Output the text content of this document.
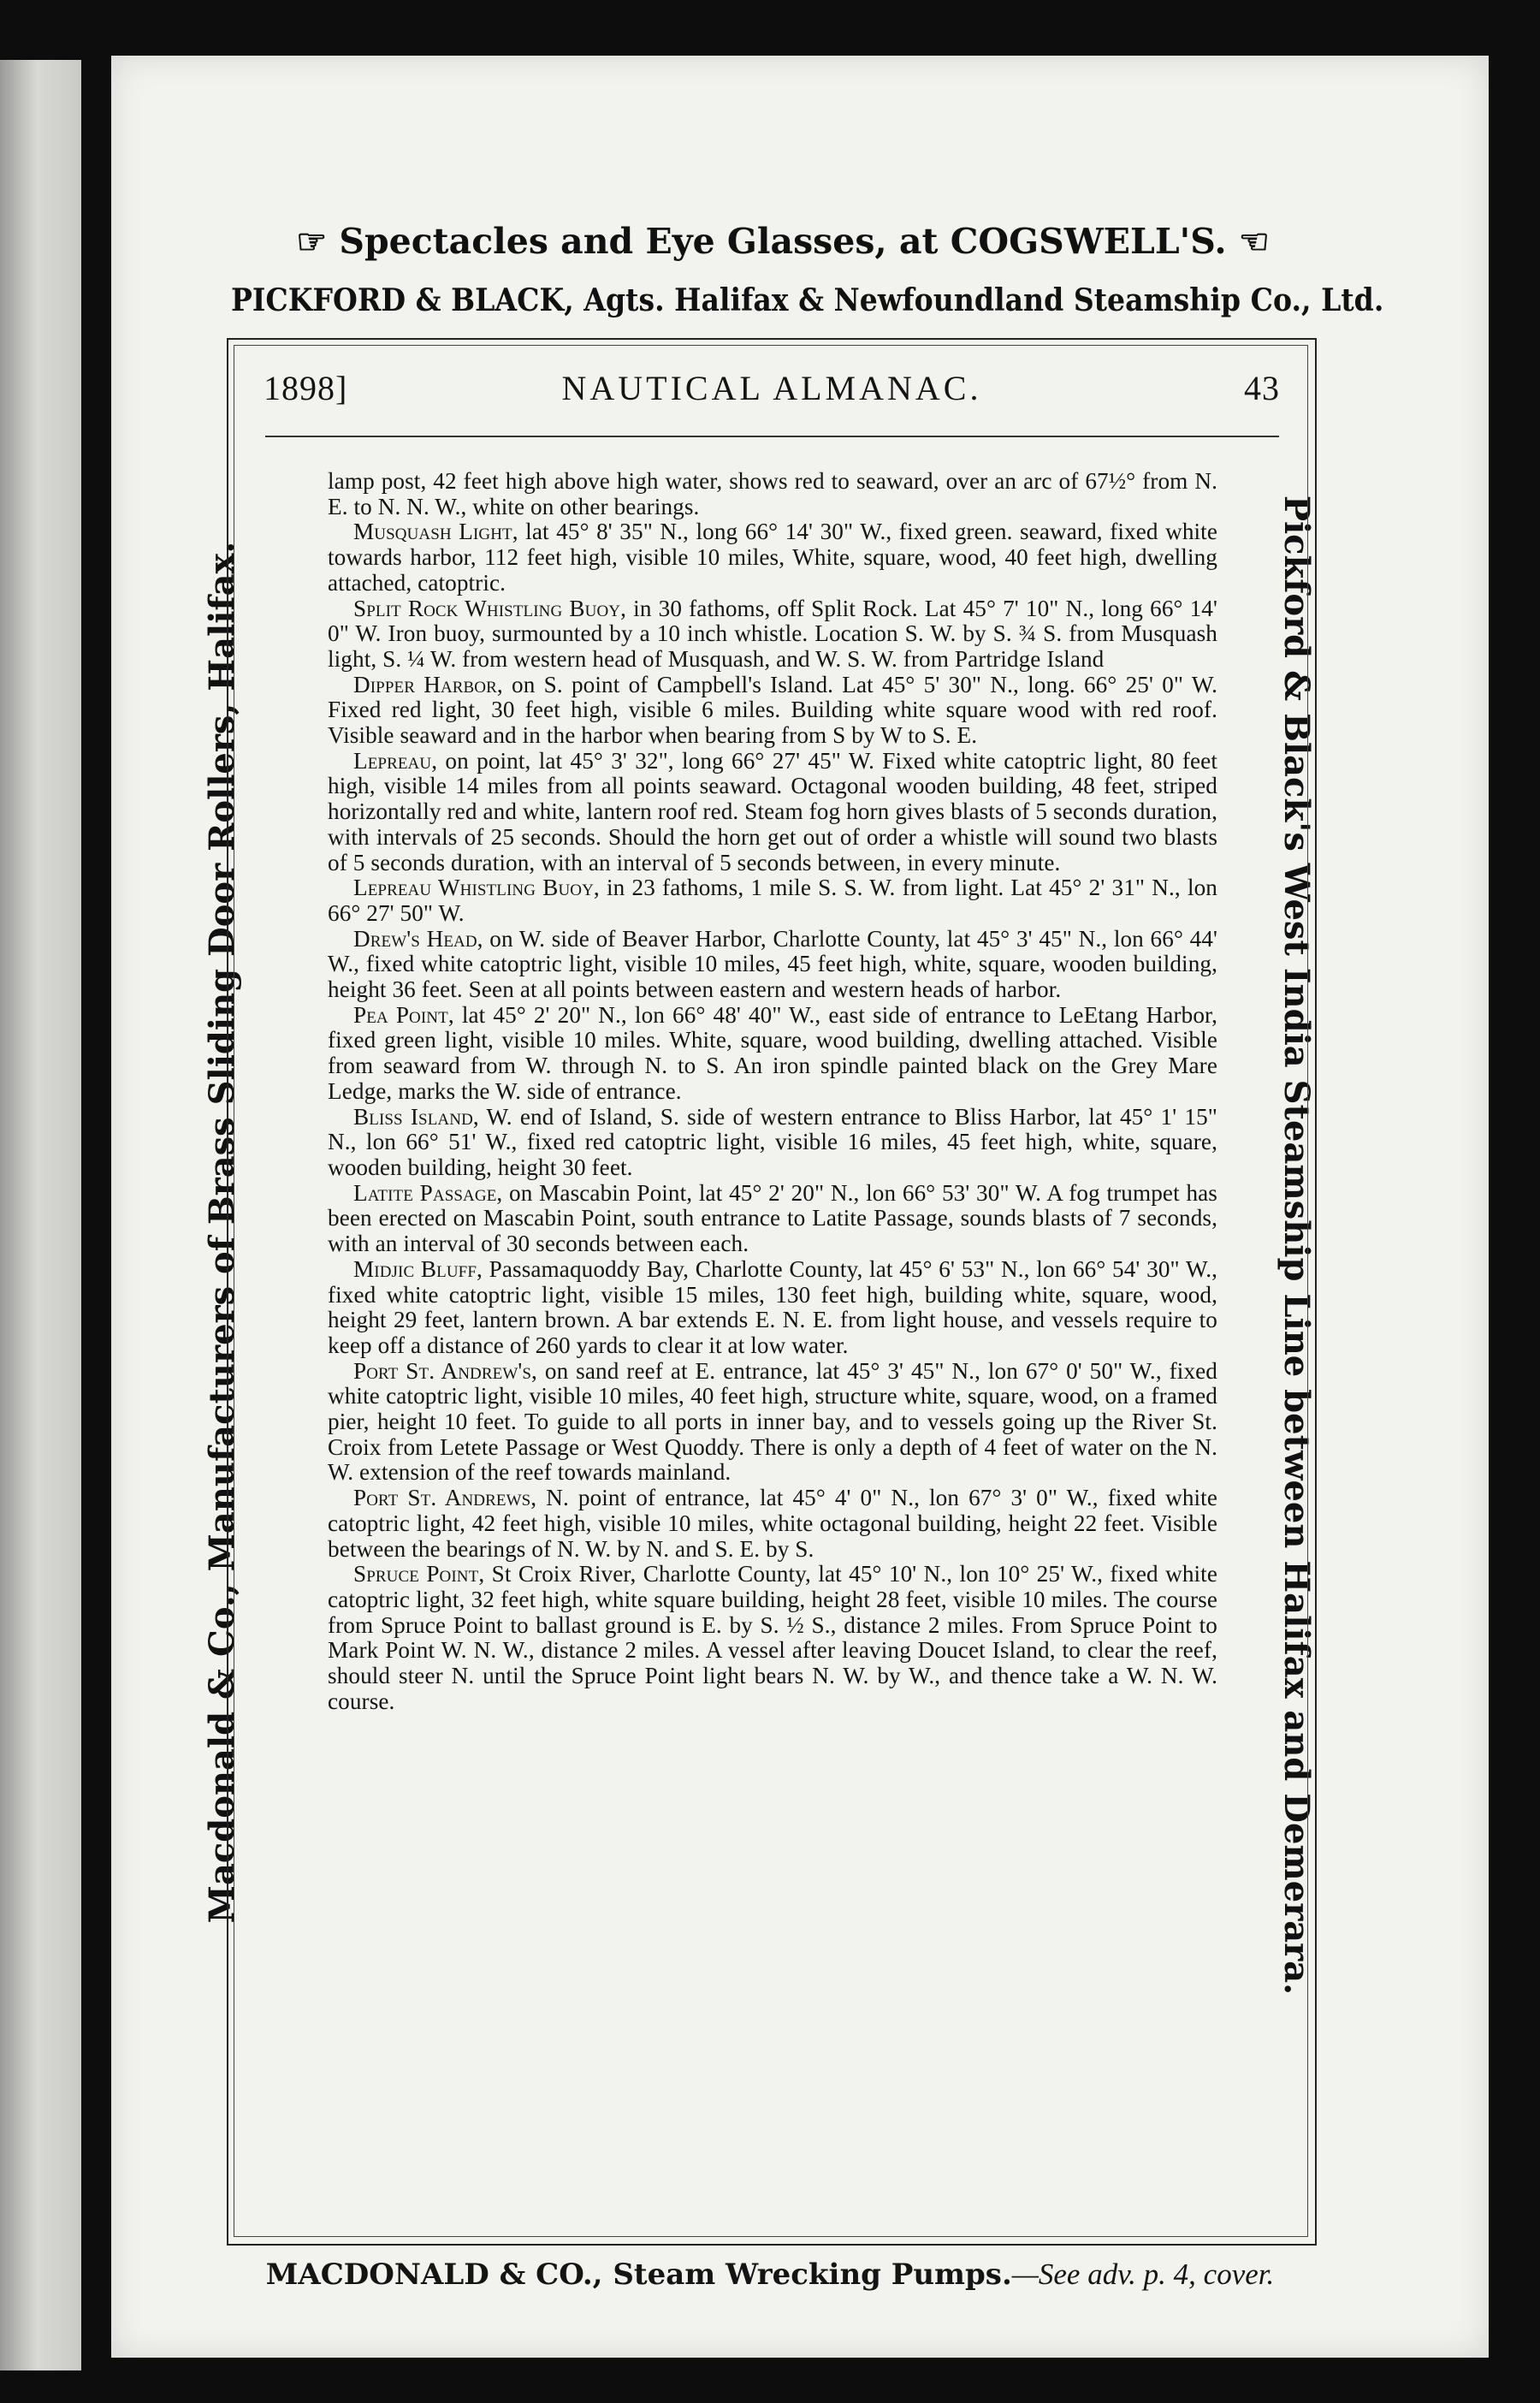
☞ Spectacles and Eye Glasses, at COGSWELL'S. ☜
PICKFORD & BLACK, Agts. Halifax & Newfoundland Steamship Co., Ltd.
Macdonald & Co., Manufacturers of Brass Sliding Door Rollers, Halifax.	Pickford & Black's West India Steamship Line between Halifax and Demerara.
1898]	NAUTICAL ALMANAC.	43

lamp post, 42 feet high above high water, shows red to seaward, over an arc of 67½° from N. E. to N. N. W., white on other bearings.

Musquash Light, lat 45° 8' 35" N., long 66° 14' 30" W., fixed green. seaward, fixed white towards harbor, 112 feet high, visible 10 miles, White, square, wood, 40 feet high, dwelling attached, catoptric.

Split Rock Whistling Buoy, in 30 fathoms, off Split Rock. Lat 45° 7' 10" N., long 66° 14' 0" W. Iron buoy, surmounted by a 10 inch whistle. Location S. W. by S. ¾ S. from Musquash light, S. ¼ W. from western head of Musquash, and W. S. W. from Partridge Island

Dipper Harbor, on S. point of Campbell's Island. Lat 45° 5' 30" N., long. 66° 25' 0" W. Fixed red light, 30 feet high, visible 6 miles. Building white square wood with red roof. Visible seaward and in the harbor when bearing from S by W to S. E.

Lepreau, on point, lat 45° 3' 32", long 66° 27' 45" W. Fixed white catoptric light, 80 feet high, visible 14 miles from all points seaward. Octagonal wooden building, 48 feet, striped horizontally red and white, lantern roof red. Steam fog horn gives blasts of 5 seconds duration, with intervals of 25 seconds. Should the horn get out of order a whistle will sound two blasts of 5 seconds duration, with an interval of 5 seconds between, in every minute.

Lepreau Whistling Buoy, in 23 fathoms, 1 mile S. S. W. from light. Lat 45° 2' 31" N., lon 66° 27' 50" W.

Drew's Head, on W. side of Beaver Harbor, Charlotte County, lat 45° 3' 45" N., lon 66° 44' W., fixed white catoptric light, visible 10 miles, 45 feet high, white, square, wooden building, height 36 feet. Seen at all points between eastern and western heads of harbor.

Pea Point, lat 45° 2' 20" N., lon 66° 48' 40" W., east side of entrance to LeEtang Harbor, fixed green light, visible 10 miles. White, square, wood building, dwelling attached. Visible from seaward from W. through N. to S. An iron spindle painted black on the Grey Mare Ledge, marks the W. side of entrance.

Bliss Island, W. end of Island, S. side of western entrance to Bliss Harbor, lat 45° 1' 15" N., lon 66° 51' W., fixed red catoptric light, visible 16 miles, 45 feet high, white, square, wooden building, height 30 feet.

Latite Passage, on Mascabin Point, lat 45° 2' 20" N., lon 66° 53' 30" W. A fog trumpet has been erected on Mascabin Point, south entrance to Latite Passage, sounds blasts of 7 seconds, with an interval of 30 seconds between each.

Midjic Bluff, Passamaquoddy Bay, Charlotte County, lat 45° 6' 53" N., lon 66° 54' 30" W., fixed white catoptric light, visible 15 miles, 130 feet high, building white, square, wood, height 29 feet, lantern brown. A bar extends E. N. E. from light house, and vessels require to keep off a distance of 260 yards to clear it at low water.

Port St. Andrew's, on sand reef at E. entrance, lat 45° 3' 45" N., lon 67° 0' 50" W., fixed white catoptric light, visible 10 miles, 40 feet high, structure white, square, wood, on a framed pier, height 10 feet. To guide to all ports in inner bay, and to vessels going up the River St. Croix from Letete Passage or West Quoddy. There is only a depth of 4 feet of water on the N. W. extension of the reef towards mainland.

Port St. Andrews, N. point of entrance, lat 45° 4' 0" N., lon 67° 3' 0" W., fixed white catoptric light, 42 feet high, visible 10 miles, white octagonal building, height 22 feet. Visible between the bearings of N. W. by N. and S. E. by S.

Spruce Point, St Croix River, Charlotte County, lat 45° 10' N., lon 10° 25' W., fixed white catoptric light, 32 feet high, white square building, height 28 feet, visible 10 miles. The course from Spruce Point to ballast ground is E. by S. ½ S., distance 2 miles. From Spruce Point to Mark Point W. N. W., distance 2 miles. A vessel after leaving Doucet Island, to clear the reef, should steer N. until the Spruce Point light bears N. W. by W., and thence take a W. N. W. course.

MACDONALD & CO., Steam Wrecking Pumps.—See adv. p. 4, cover.
